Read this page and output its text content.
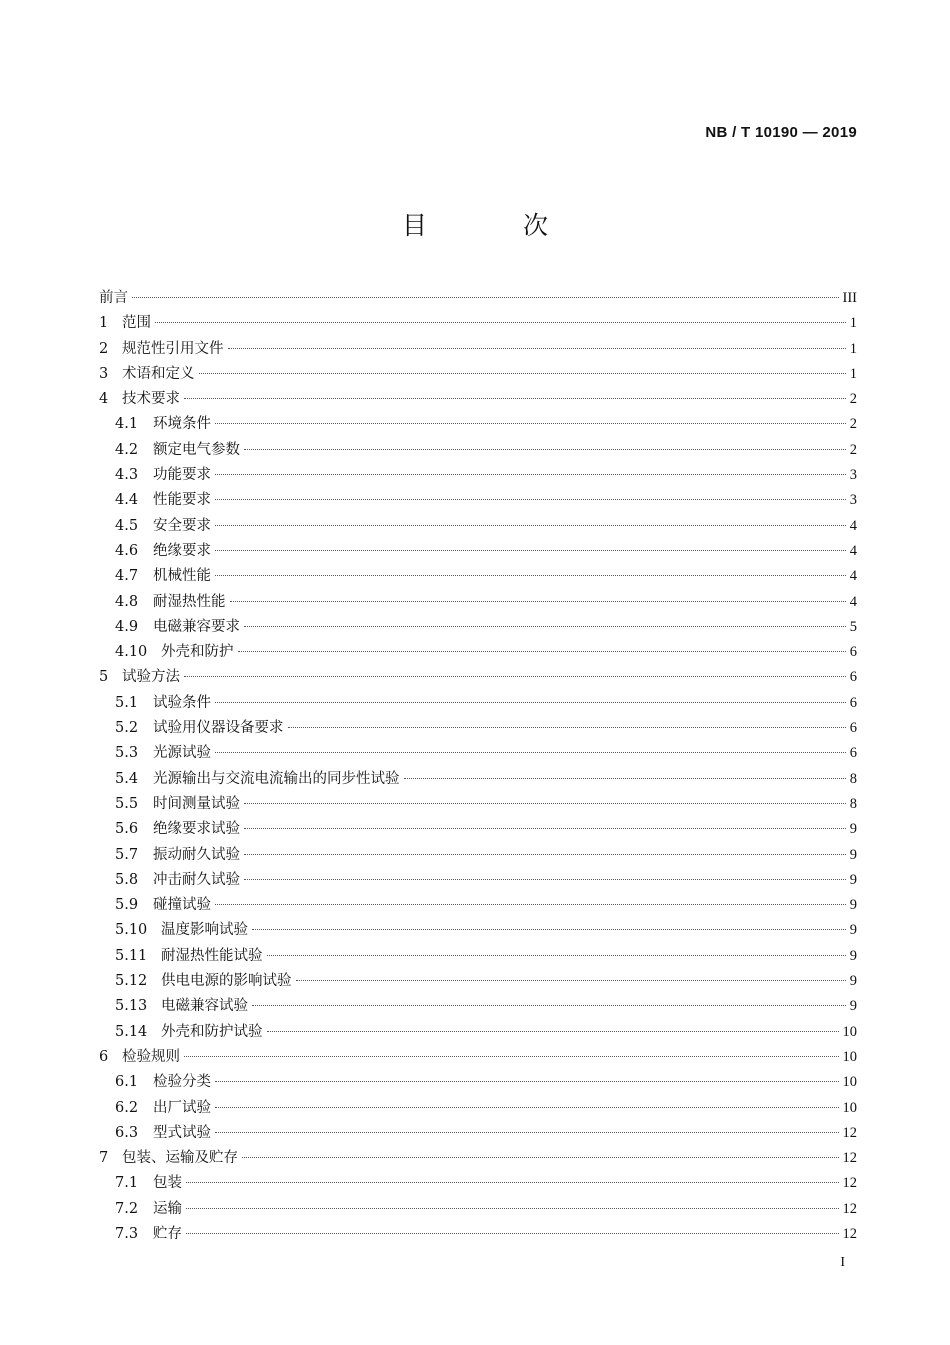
NB / T 10190 — 2019
目 次
前言	III
1 范围	1
2 规范性引用文件	1
3 术语和定义	1
4 技术要求	2
4.1	环境条件	2
4.2	额定电气参数	2
4.3	功能要求	3
4.4	性能要求	3
4.5	安全要求	4
4.6	绝缘要求	4
4.7	机械性能	4
4.8	耐湿热性能	4
4.9	电磁兼容要求	5
4.10 外壳和防护	6
5 试验方法	6
5.1	试验条件	6
5.2	试验用仪器设备要求	6
5.3	光源试验	6
5.4	光源输出与交流电流输出的同步性试验	8
5.5	时间测量试验	8
5.6	绝缘要求试验	9
5.7	振动耐久试验	9
5.8	冲击耐久试验	9
5.9	碰撞试验	9
5.10 温度影响试验	9
5.11 耐湿热性能试验	9
5.12 供电电源的影响试验	9
5.13 电磁兼容试验	9
5.14 外壳和防护试验	10
6 检验规则	10
6.1	检验分类	10
6.2	出厂试验	10
6.3	型式试验	12
7 包装、运输及贮存	12
7.1	包装	12
7.2	运输	12
7.3	贮存	12
I
